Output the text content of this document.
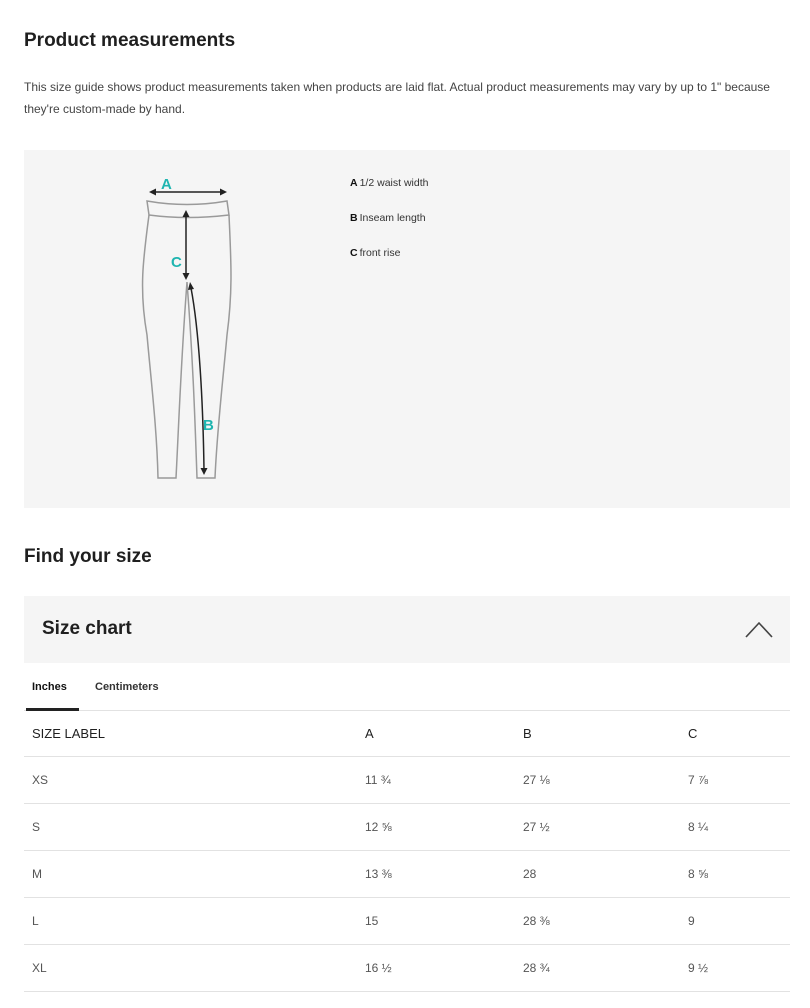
Product measurements
This size guide shows product measurements taken when products are laid flat. Actual product measurements may vary by up to 1" because they're custom-made by hand.
A
C
B
A 1/2 waist width
B Inseam length
C front rise
Find your size
Size chart
Inches	Centimeters
SIZE LABEL	A	B	C
XS	11 ¾	27 ⅛	7 ⅞
S	12 ⅝	27 ½	8 ¼
M	13 ⅜	28	8 ⅝
L	15	28 ⅜	9
XL	16 ½	28 ¾	9 ½
